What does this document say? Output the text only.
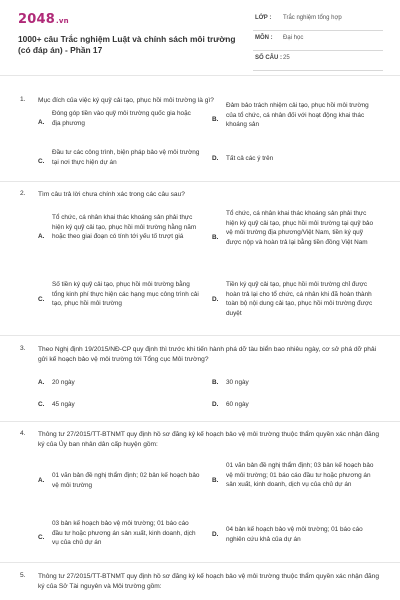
2048.vn
1000+ câu Trắc nghiệm Luật và chính sách môi trường (có đáp án) - Phần 17
LỚP : Trắc nghiệm tổng hợp
MÔN : Đại học
SỐ CÂU : 25
1. Mục đích của việc ký quỹ cải tạo, phục hồi môi trường là gì?
A.
Đóng góp tiền vào quỹ môi trường quốc gia hoặc địa phương
B.
Đảm bảo trách nhiệm cải tạo, phục hồi môi trường của tổ chức, cá nhân đối với hoạt động khai thác khoáng sản
C.
Đầu tư các công trình, biện pháp bảo vệ môi trường tại nơi thực hiện dự án
D. Tất cả các ý trên
2. Tìm câu trả lời chưa chính xác trong các câu sau?
A.
Tổ chức, cá nhân khai thác khoáng sản phải thực hiện ký quỹ cải tạo, phục hồi môi trường hằng năm hoặc theo giai đoạn có tính tới yếu tố trượt giá	B.
Tổ chức, cá nhân khai thác khoáng sản phải thực hiện ký quỹ cải tạo, phục hồi môi trường tại quỹ bảo vệ môi trường địa phương/Việt Nam, tiền ký quỹ được nộp và hoàn trả lại bằng tiền đồng Việt Nam
C.
Số tiền ký quỹ cải tạo, phục hồi môi trường bằng tổng kinh phí thực hiện các hạng mục công trình cải tạo, phục hồi môi trường
D.
Tiền ký quỹ cải tạo, phục hồi môi trường chỉ được hoàn trả lại cho tổ chức, cá nhân khi đã hoàn thành toàn bộ nội dung cải tạo, phục hồi môi trường được duyệt
3. Theo Nghị định 19/2015/NĐ-CP quy định thì trước khi tiến hành phá dỡ tàu biển bao nhiêu ngày, cơ sở phá dỡ phải gửi kế hoạch bảo vệ môi trường tới Tổng cục Môi trường?
A. 20 ngày	B. 30 ngày
C. 45 ngày	D. 60 ngày
4. Thông tư 27/2015/TT-BTNMT quy định hồ sơ đăng ký kế hoạch bảo vệ môi trường thuộc thẩm quyền xác nhận đăng ký của Ủy ban nhân dân cấp huyện gồm:
A.
01 văn bản đề nghị thẩm định; 02 bản kế hoạch bảo vệ môi trường
B.
01 văn bản đề nghị thẩm định; 03 bản kế hoạch bảo vệ môi trường; 01 báo cáo đầu tư hoặc phương án sản xuất, kinh doanh, dịch vụ của chủ dự án
C.
03 bản kế hoạch bảo vệ môi trường; 01 báo cáo đầu tư hoặc phương án sản xuất, kinh doanh, dịch vụ của chủ dự án
D.
04 bản kế hoạch bảo vệ môi trường; 01 báo cáo nghiên cứu khả của dự án
5. Thông tư 27/2015/TT-BTNMT quy định hồ sơ đăng ký kế hoạch bảo vệ môi trường thuộc thẩm quyền xác nhận đăng ký của Sở Tài nguyên và Môi trường gồm:
